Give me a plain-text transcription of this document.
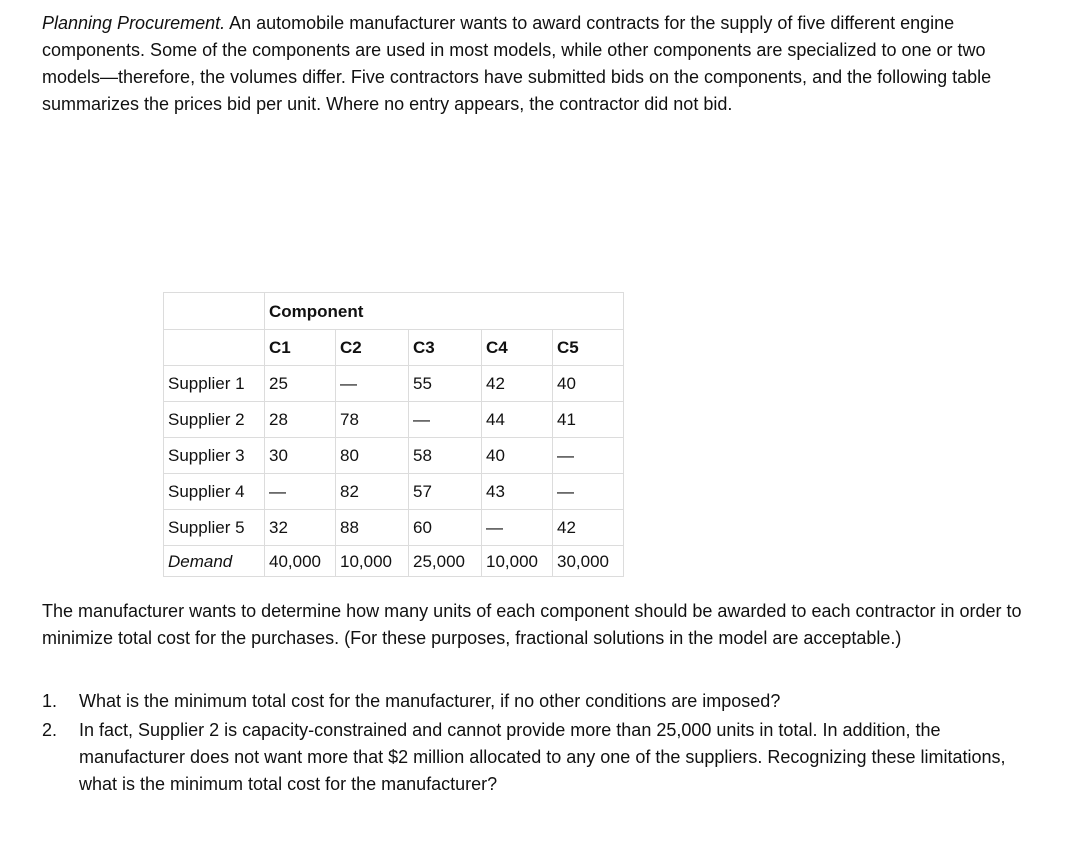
Planning Procurement. An automobile manufacturer wants to award contracts for the supply of five different engine components. Some of the components are used in most models, while other components are specialized to one or two models—therefore, the volumes differ. Five contractors have submitted bids on the components, and the following table summarizes the prices bid per unit. Where no entry appears, the contractor did not bid.

	Component				
	C1	C2	C3	C4	C5
Supplier 1	25	—	55	42	40
Supplier 2	28	78	—	44	41
Supplier 3	30	80	58	40	—
Supplier 4	—	82	57	43	—
Supplier 5	32	88	60	—	42
Demand	40,000	10,000	25,000	10,000	30,000

The manufacturer wants to determine how many units of each component should be awarded to each contractor in order to minimize total cost for the purchases. (For these purposes, fractional solutions in the model are acceptable.)

1. What is the minimum total cost for the manufacturer, if no other conditions are imposed?
2. In fact, Supplier 2 is capacity-constrained and cannot provide more than 25,000 units in total. In addition, the manufacturer does not want more that $2 million allocated to any one of the suppliers. Recognizing these limitations, what is the minimum total cost for the manufacturer?
